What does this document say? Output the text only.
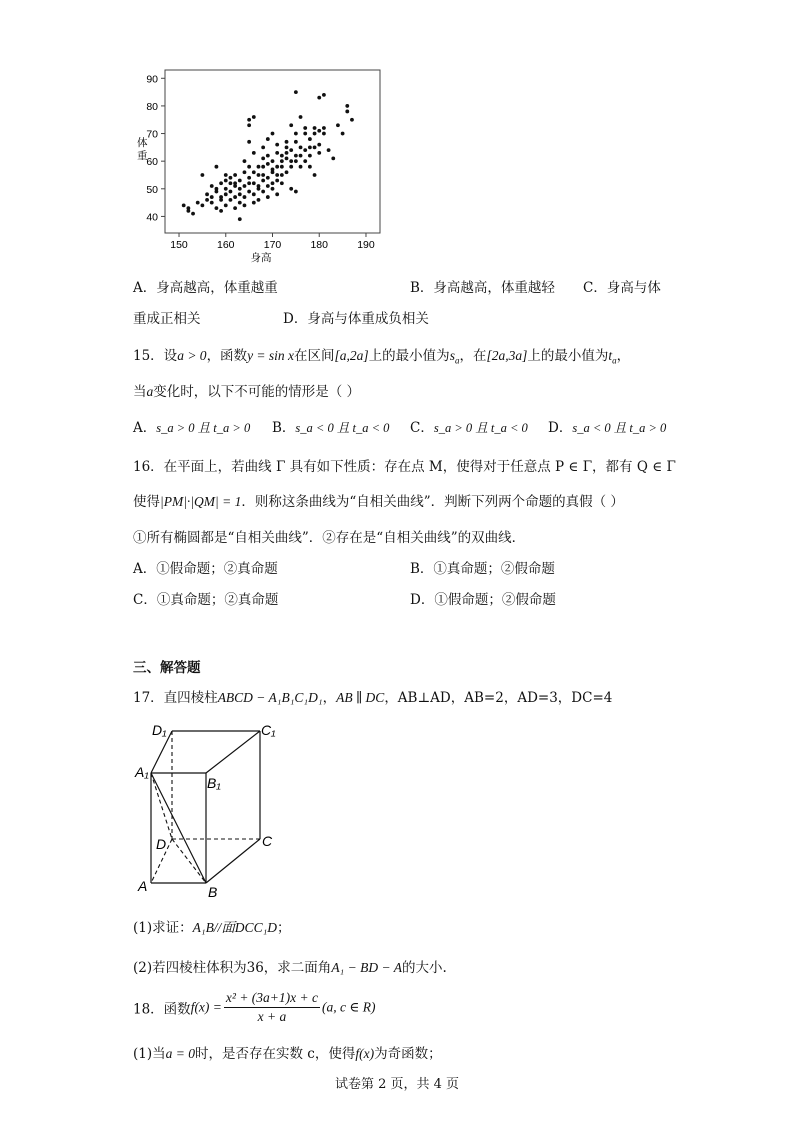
150	160	170	180	190
40
50
60
70
80
90
体
重
身高
A．身高越高，体重越重	B．身高越高，体重越轻 C．身高与体
重成正相关	D．身高与体重成负相关
15．设a > 0，函数y = sin x在区间[a,2a]上的最小值为$s_a$，在[2a,3a]上的最小值为$t_a$，
当a变化时，以下不可能的情形是（ ）
A．s_a > 0 且 t_a > 0 B．s_a < 0 且 t_a < 0 C．s_a > 0 且 t_a < 0 D．s_a < 0 且 t_a > 0
16．在平面上，若曲线 Γ 具有如下性质：存在点 M，使得对于任意点 P ∈ Γ，都有 Q ∈ Γ
使得|PM|·|QM| = 1．则称这条曲线为“自相关曲线”．判断下列两个命题的真假（ ）
①所有椭圆都是“自相关曲线”．②存在是“自相关曲线”的双曲线．
A．①假命题；②真命题	B．①真命题；②假命题
C．①真命题；②真命题	D．①假命题；②假命题
三、解答题
17．直四棱柱ABCD − A₁B₁C₁D₁，AB ∥ DC，AB⊥AD，AB=2，AD=3，DC=4
D₁	C₁
A₁
B₁
D	C
A	B
(1)求证：A₁B//面DCC₁D；
(2)若四棱柱体积为36，求二面角A₁ − BD − A的大小.
18．函数$f(x) = \frac{\text{x² + (3a+1)x + c}}{x + a} (a$, c ∈ R)
(1)当a = 0时，是否存在实数 c，使得f(x)为奇函数；
试卷第 2 页，共 4 页
